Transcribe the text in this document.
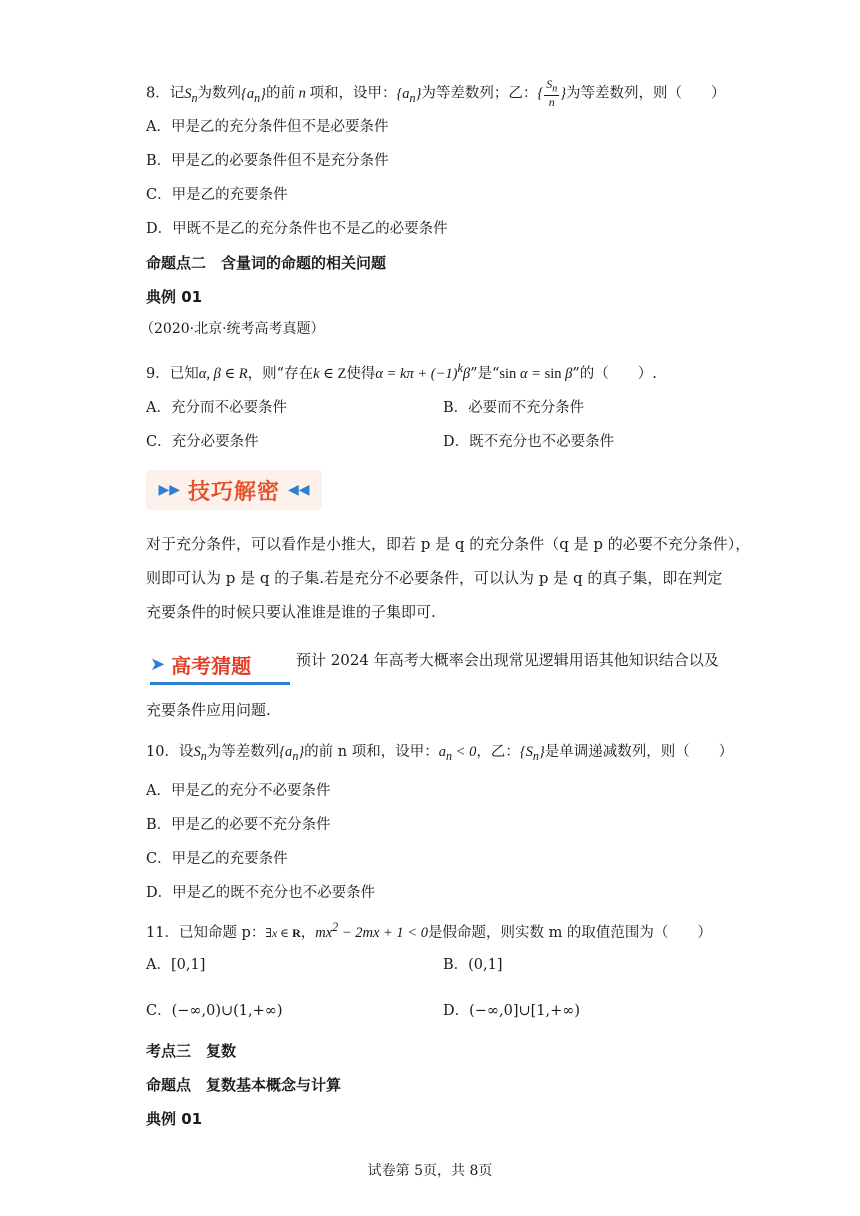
8．记$S_n$为数列$\{a_n\}$的前 n 项和，设甲：$\{a_n\}$为等差数列；乙：{ $\frac{S_n}{n}$ }为等差数列，则（　　）
A．甲是乙的充分条件但不是必要条件
B．甲是乙的必要条件但不是充分条件
C．甲是乙的充要条件
D．甲既不是乙的充分条件也不是乙的必要条件
命题点二　含量词的命题的相关问题
典例 01
（2020·北京·统考高考真题）
9．已知α, β ∈ R，则“存在k ∈ Z使得$\alpha = k\pi + (-1)^k\beta$”是“sin α = sin β”的（　　）.
A．充分而不必要条件	B．必要而不充分条件
C．充分必要条件	D．既不充分也不必要条件
▶▶ 技巧解密 ◀◀
对于充分条件，可以看作是小推大，即若 p 是 q 的充分条件（q 是 p 的必要不充分条件），
则即可认为 p 是 q 的子集.若是充分不必要条件，可以认为 p 是 q 的真子集，即在判定
充要条件的时候只要认准谁是谁的子集即可.
➤ 高考猜题	预计 2024 年高考大概率会出现常见逻辑用语其他知识结合以及
充要条件应用问题.
10．设$S_n$为等差数列$\{a_n\}$的前 n 项和，设甲：$a_n < 0$，乙：$\{S_n\}$是单调递减数列，则（　　）
A．甲是乙的充分不必要条件
B．甲是乙的必要不充分条件
C．甲是乙的充要条件
D．甲是乙的既不充分也不必要条件
11．已知命题 p：∃x ∈ R，$mx^2 - 2mx + 1 < 0$是假命题，则实数 m 的取值范围为（　　）
A．[0,1]	B．(0,1]
C．(−∞,0)∪(1,+∞)	D．(−∞,0]∪[1,+∞)
考点三　复数
命题点　复数基本概念与计算
典例 01
试卷第 5页，共 8页
